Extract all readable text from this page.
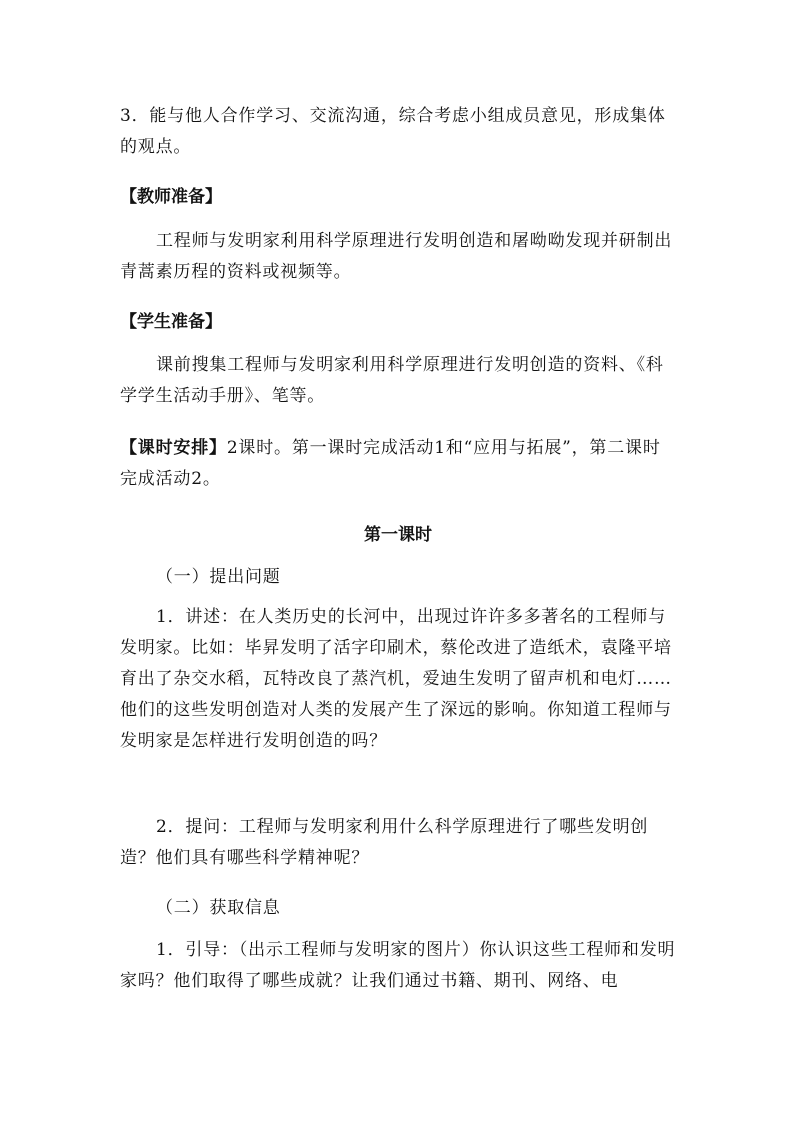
3．能与他人合作学习、交流沟通，综合考虑小组成员意见，形成集体的观点。

【教师准备】

工程师与发明家利用科学原理进行发明创造和屠呦呦发现并研制出青蒿素历程的资料或视频等。

【学生准备】

课前搜集工程师与发明家利用科学原理进行发明创造的资料、《科学学生活动手册》、笔等。

【课时安排】2课时。第一课时完成活动1和“应用与拓展”，第二课时完成活动2。

第一课时

（一）提出问题

1．讲述：在人类历史的长河中，出现过许许多多著名的工程师与发明家。比如：毕昇发明了活字印刷术，蔡伦改进了造纸术，袁隆平培育出了杂交水稻，瓦特改良了蒸汽机，爱迪生发明了留声机和电灯……他们的这些发明创造对人类的发展产生了深远的影响。你知道工程师与发明家是怎样进行发明创造的吗？

2．提问：工程师与发明家利用什么科学原理进行了哪些发明创造？他们具有哪些科学精神呢？

（二）获取信息

1．引导：（出示工程师与发明家的图片）你认识这些工程师和发明家吗？他们取得了哪些成就？让我们通过书籍、期刊、网络、电
